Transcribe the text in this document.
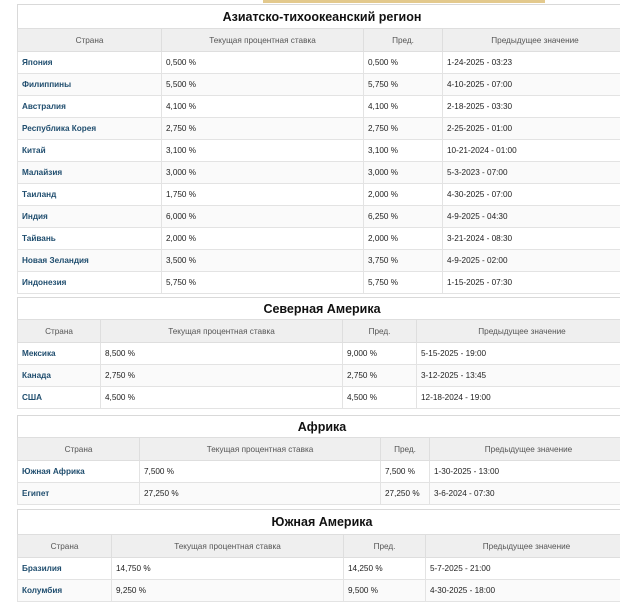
Азиатско-тихоокеанский регион
Страна	Текущая процентная ставка	Пред.	Предыдущее значение
Япония	0,500 %	0,500 %	1-24-2025 - 03:23
Филиппины	5,500 %	5,750 %	4-10-2025 - 07:00
Австралия	4,100 %	4,100 %	2-18-2025 - 03:30
Республика Корея	2,750 %	2,750 %	2-25-2025 - 01:00
Китай	3,100 %	3,100 %	10-21-2024 - 01:00
Малайзия	3,000 %	3,000 %	5-3-2023 - 07:00
Таиланд	1,750 %	2,000 %	4-30-2025 - 07:00
Индия	6,000 %	6,250 %	4-9-2025 - 04:30
Тайвань	2,000 %	2,000 %	3-21-2024 - 08:30
Новая Зеландия	3,500 %	3,750 %	4-9-2025 - 02:00
Индонезия	5,750 %	5,750 %	1-15-2025 - 07:30
Северная Америка
Страна	Текущая процентная ставка	Пред.	Предыдущее значение
Мексика	8,500 %	9,000 %	5-15-2025 - 19:00
Канада	2,750 %	2,750 %	3-12-2025 - 13:45
США	4,500 %	4,500 %	12-18-2024 - 19:00
Африка
Страна	Текущая процентная ставка	Пред.	Предыдущее значение
Южная Африка	7,500 %	7,500 %	1-30-2025 - 13:00
Египет	27,250 %	27,250 %	3-6-2024 - 07:30
Южная Америка
Страна	Текущая процентная ставка	Пред.	Предыдущее значение
Бразилия	14,750 %	14,250 %	5-7-2025 - 21:00
Колумбия	9,250 %	9,500 %	4-30-2025 - 18:00
